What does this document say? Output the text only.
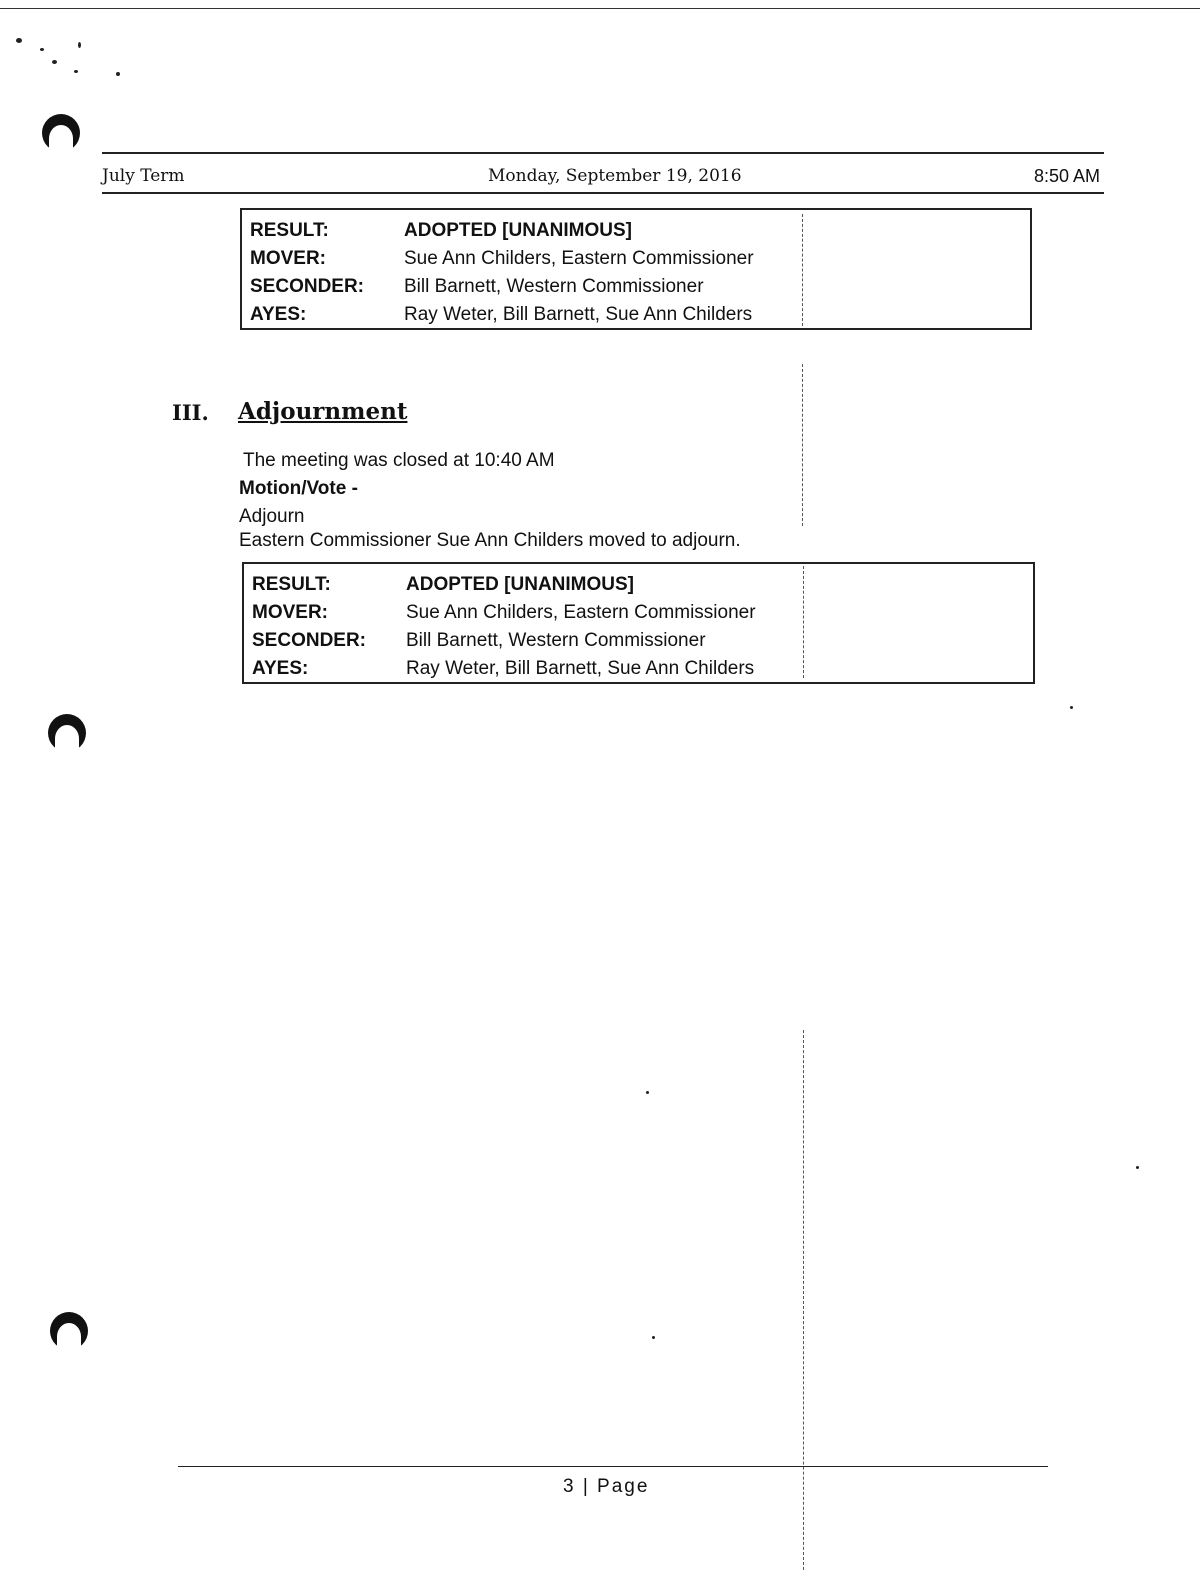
July Term	Monday, September 19, 2016	8:50 AM
RESULT:	ADOPTED [UNANIMOUS]
MOVER:	Sue Ann Childers, Eastern Commissioner
SECONDER:	Bill Barnett, Western Commissioner
AYES:	Ray Weter, Bill Barnett, Sue Ann Childers
III. Adjournment
The meeting was closed at 10:40 AM
Motion/Vote -
Adjourn
Eastern Commissioner Sue Ann Childers moved to adjourn.
RESULT:	ADOPTED [UNANIMOUS]
MOVER:	Sue Ann Childers, Eastern Commissioner
SECONDER:	Bill Barnett, Western Commissioner
AYES:	Ray Weter, Bill Barnett, Sue Ann Childers
3 | Page
